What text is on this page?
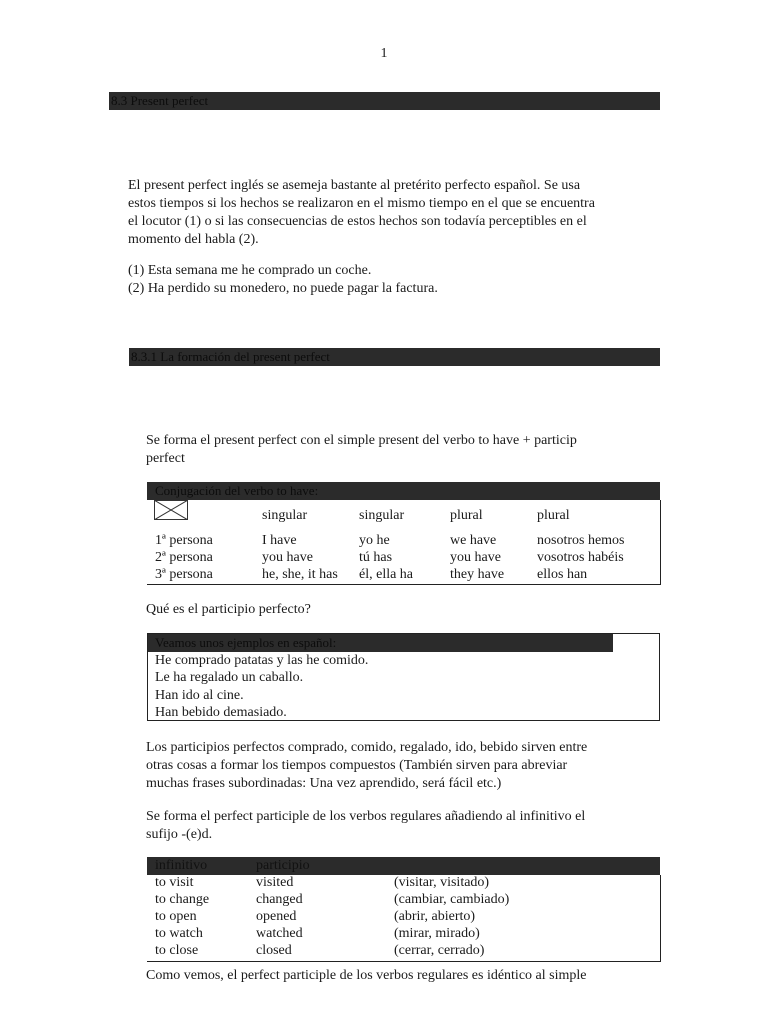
1
8.3 Present perfect

El present perfect inglés se asemeja bastante al pretérito perfecto español. Se usa

estos tiempos si los hechos se realizaron en el mismo tiempo en el que se encuentra

el locutor (1) o si las consecuencias de estos hechos son todavía perceptibles en el

momento del habla (2).

(1) Esta semana me he comprado un coche.

(2) Ha perdido su monedero, no puede pagar la factura.

8.3.1 La formación del present perfect

Se forma el present perfect con el simple present del verbo to have + particip

perfect

Conjugación del verbo to have:
	singular	singular	plural	plural

1ª persona	I have	yo he	we have	nosotros hemos
2ª persona	you have	tú has	you have	vosotros habéis
3ª persona	he, she, it has	él, ella ha	they have	ellos han
Qué es el participio perfecto?
Veamos unos ejemplos en español:

He comprado patatas y las he comido.

Le ha regalado un caballo.

Han ido al cine.

Han bebido demasiado.

Los participios perfectos comprado, comido, regalado, ido, bebido sirven entre

otras cosas a formar los tiempos compuestos (También sirven para abreviar

muchas frases subordinadas: Una vez aprendido, será fácil etc.)

Se forma el perfect participle de los verbos regulares añadiendo al infinitivo el

sufijo -(e)d.

infinitivo	participio	
to visit	visited	(visitar, visitado)
to change	changed	(cambiar, cambiado)
to open	opened	(abrir, abierto)
to watch	watched	(mirar, mirado)
to close	closed	(cerrar, cerrado)
Como vemos, el perfect participle de los verbos regulares es idéntico al simple
